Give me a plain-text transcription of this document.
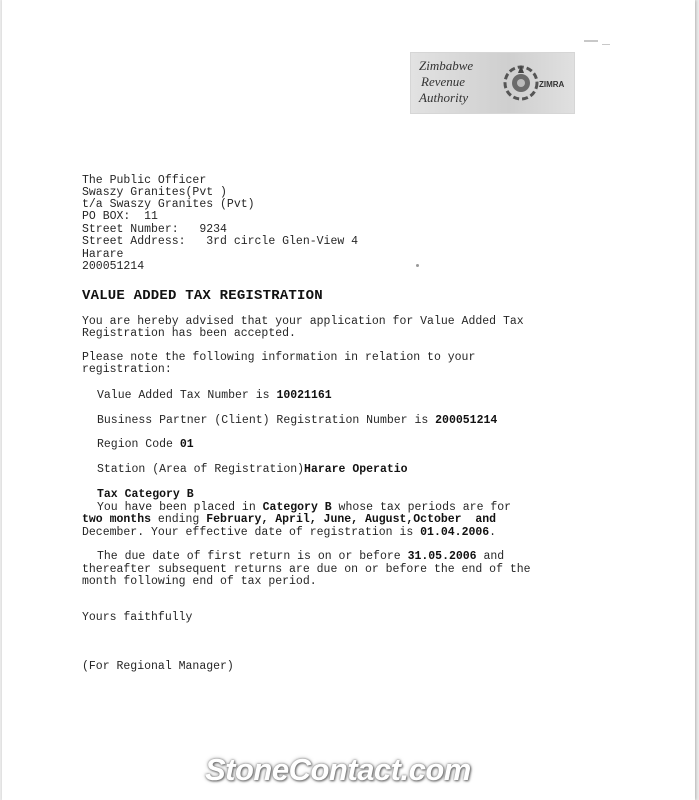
Zimbabwe
Revenue
Authority
ZIMRA
The Public Officer
Swaszy Granites(Pvt )
t/a Swaszy Granites (Pvt)
PO BOX:  11
Street Number:   9234
Street Address:   3rd circle Glen-View 4
Harare
200051214
VALUE ADDED TAX REGISTRATION
You are hereby advised that your application for Value Added Tax
Registration has been accepted.
Please note the following information in relation to your
registration:
Value Added Tax Number is 10021161
Business Partner (Client) Registration Number is 200051214
Region Code 01
Station (Area of Registration)Harare Operatio
Tax Category B
You have been placed in Category B whose tax periods are for
two months ending February, April, June, August,October  and
December. Your effective date of registration is 01.04.2006.
The due date of first return is on or before 31.05.2006 and
thereafter subsequent returns are due on or before the end of the
month following end of tax period.
Yours faithfully
(For Regional Manager)
StoneContact.com
